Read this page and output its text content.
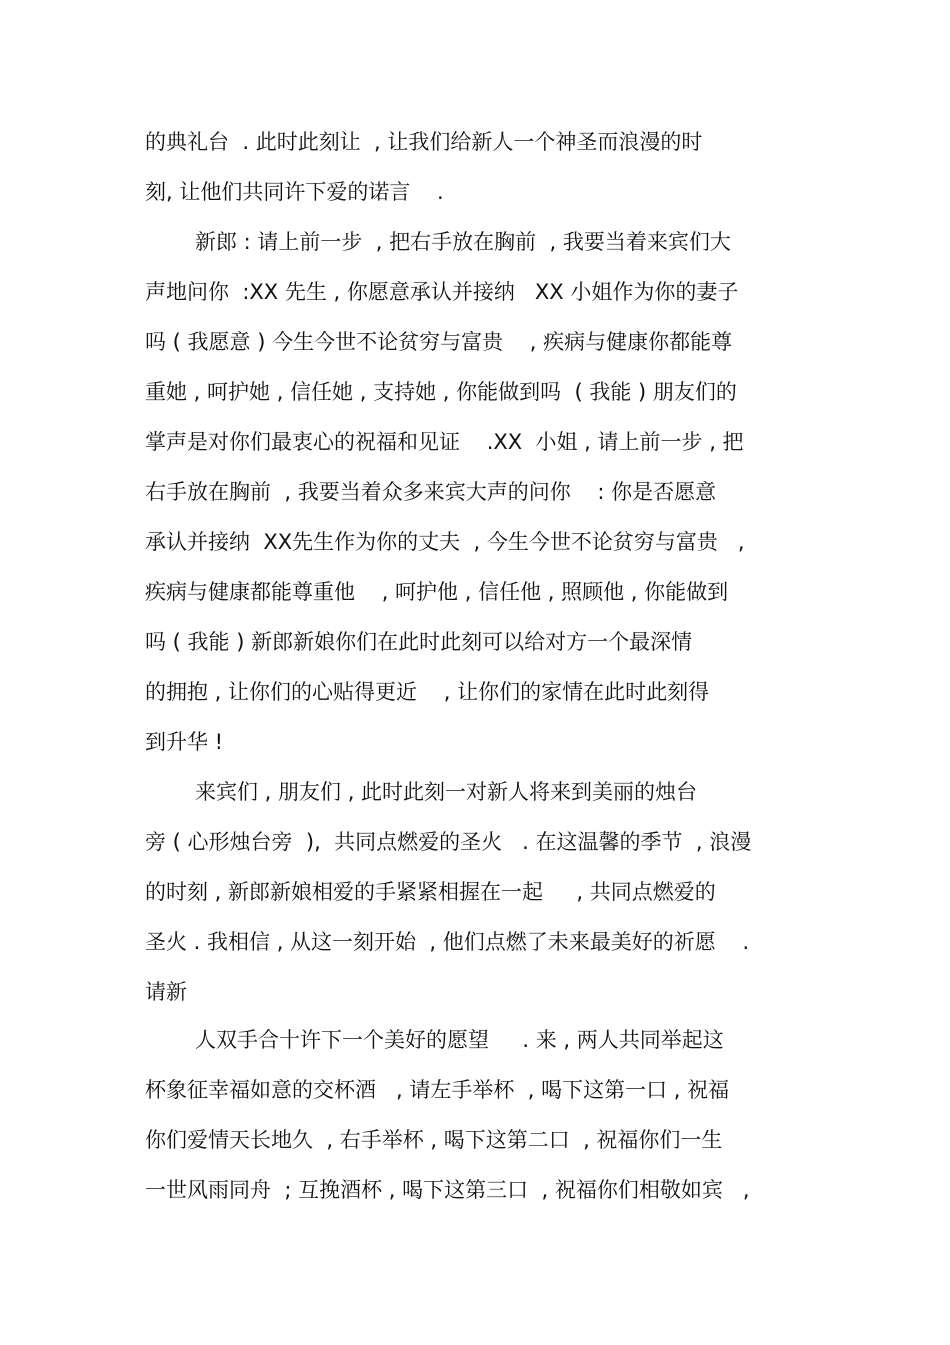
的典礼台  . 此时此刻让  , 让我们给新人一个神圣而浪漫的时

刻, 让他们共同许下爱的诺言    .

新郎 : 请上前一步  , 把右手放在胸前  , 我要当着来宾们大

声地问你  :XX 先生 , 你愿意承认并接纳   XX 小姐作为你的妻子

吗 ( 我愿意 ) 今生今世不论贫穷与富贵    , 疾病与健康你都能尊

重她 , 呵护她 , 信任她 , 支持她 , 你能做到吗  ( 我能 ) 朋友们的

掌声是对你们最衷心的祝福和见证    .XX  小姐 , 请上前一步 , 把

右手放在胸前  , 我要当着众多来宾大声的问你    : 你是否愿意

承认并接纳  XX先生作为你的丈夫  , 今生今世不论贫穷与富贵   ,

疾病与健康都能尊重他    , 呵护他 , 信任他 , 照顾他 , 你能做到

吗 ( 我能 ) 新郎新娘你们在此时此刻可以给对方一个最深情

的拥抱 , 让你们的心贴得更近    , 让你们的家情在此时此刻得

到升华 !

来宾们 , 朋友们 , 此时此刻一对新人将来到美丽的烛台

旁 ( 心形烛台旁  ),  共同点燃爱的圣火   . 在这温馨的季节  , 浪漫

的时刻 , 新郎新娘相爱的手紧紧相握在一起     , 共同点燃爱的

圣火 . 我相信 , 从这一刻开始  , 他们点燃了未来最美好的祈愿    .

请新

人双手合十许下一个美好的愿望     . 来 , 两人共同举起这

杯象征幸福如意的交杯酒   , 请左手举杯  , 喝下这第一口 , 祝福

你们爱情天长地久  , 右手举杯 , 喝下这第二口  , 祝福你们一生

一世风雨同舟  ; 互挽酒杯 , 喝下这第三口  , 祝福你们相敬如宾   ,
